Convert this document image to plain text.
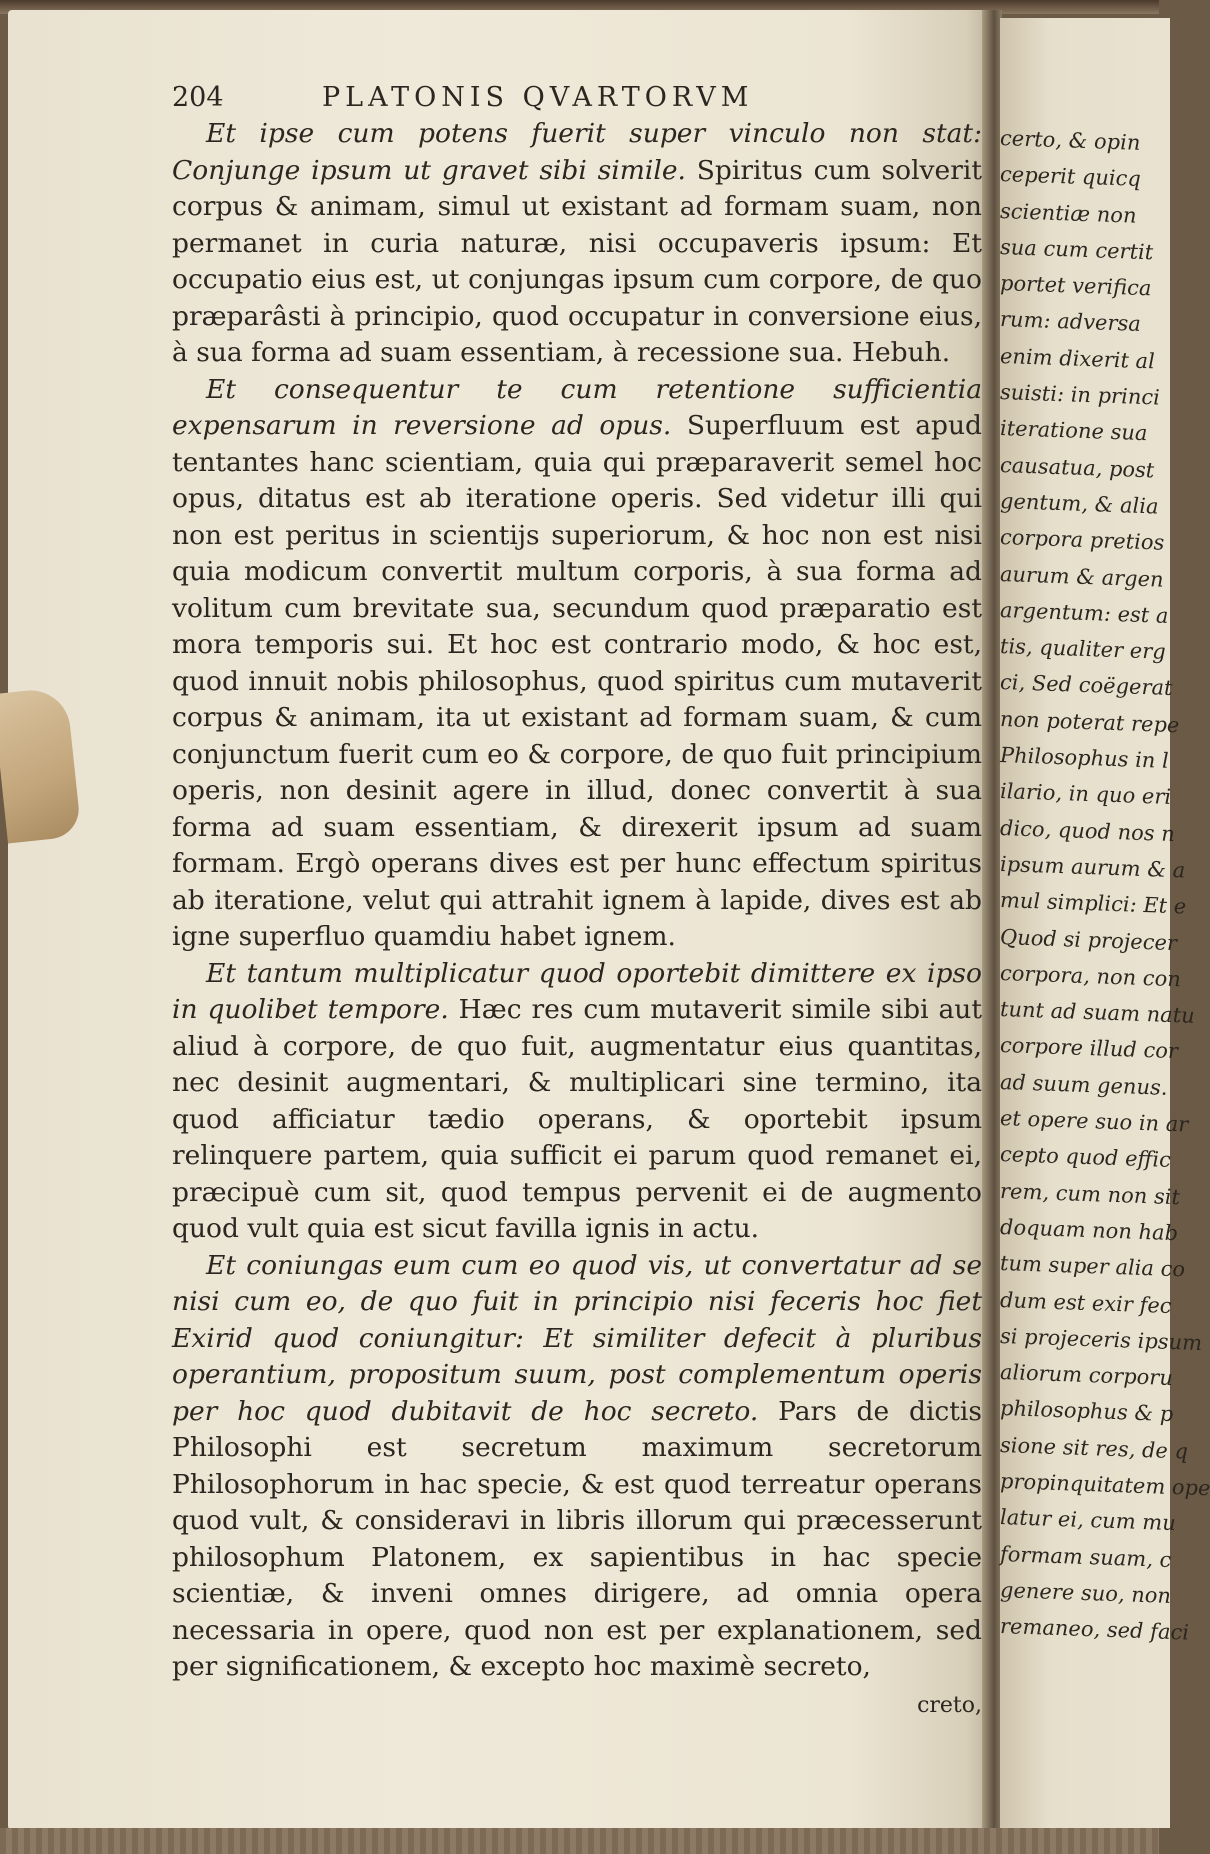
204	PLATONIS QVARTORVM

Et ipse cum potens fuerit super vinculo non stat: Conjunge ipsum ut gravet sibi simile. Spiritus cum solverit corpus & animam, simul ut existant ad formam suam, non permanet in curia naturæ, nisi occupaveris ipsum: Et occupatio eius est, ut conjungas ipsum cum corpore, de quo præparâsti à principio, quod occupatur in conversione eius, à sua forma ad suam essentiam, à recessione sua. Hebuh.

Et consequentur te cum retentione sufficientia expensarum in reversione ad opus. Superfluum est apud tentantes hanc scientiam, quia qui præparaverit semel hoc opus, ditatus est ab iteratione operis. Sed videtur illi qui non est peritus in scientijs superiorum, & hoc non est nisi quia modicum convertit multum corporis, à sua forma ad volitum cum brevitate sua, secundum quod præparatio est mora temporis sui. Et hoc est contrario modo, & hoc est, quod innuit nobis philosophus, quod spiritus cum mutaverit corpus & animam, ita ut existant ad formam suam, & cum conjunctum fuerit cum eo & corpore, de quo fuit principium operis, non desinit agere in illud, donec convertit à sua forma ad suam essentiam, & direxerit ipsum ad suam formam. Ergò operans dives est per hunc effectum spiritus ab iteratione, velut qui attrahit ignem à lapide, dives est ab igne superfluo quamdiu habet ignem.

Et tantum multiplicatur quod oportebit dimittere ex ipso in quolibet tempore. Hæc res cum mutaverit simile sibi aut aliud à corpore, de quo fuit, augmentatur eius quantitas, nec desinit augmentari, & multiplicari sine termino, ita quod afficiatur tædio operans, & oportebit ipsum relinquere partem, quia sufficit ei parum quod remanet ei, præcipuè cum sit, quod tempus pervenit ei de augmento quod vult quia est sicut favilla ignis in actu.

Et coniungas eum cum eo quod vis, ut convertatur ad se nisi cum eo, de quo fuit in principio nisi feceris hoc fiet Exirid quod coniungitur: Et similiter defecit à pluribus operantium, propositum suum, post complementum operis per hoc quod dubitavit de hoc secreto. Pars de dictis Philosophi est secretum maximum secretorum Philosophorum in hac specie, & est quod terreatur operans quod vult, & consideravi in libris illorum qui præcesserunt philosophum Platonem, ex sapientibus in hac specie scientiæ, & inveni omnes dirigere, ad omnia opera necessaria in opere, quod non est per explanationem, sed per significationem, & excepto hoc maximè secreto,

creto,
certo, & opin
ceperit quicq
scientiæ non
sua cum certit
portet verifica
rum: adversa
enim dixerit al
suisti: in princi
iteratione sua
causatua, post
gentum, & alia
corpora pretios
aurum & argen
argentum: est a
tis, qualiter erg
ci, Sed coëgerat
non poterat repe
Philosophus in l
ilario, in quo eri
dico, quod nos n
ipsum aurum & a
mul simplici: Et e
Quod si projecer
corpora, non con
tunt ad suam natu
corpore illud cor
ad suum genus.
et opere suo in ar
cepto quod effic
rem, cum non sit
doquam non hab
tum super alia co
dum est exir fec
si projeceris ipsum
aliorum corporu
philosophus & p
sione sit res, de q
propinquitatem ope
latur ei, cum mu
formam suam, c
genere suo, non
remaneo, sed faci
